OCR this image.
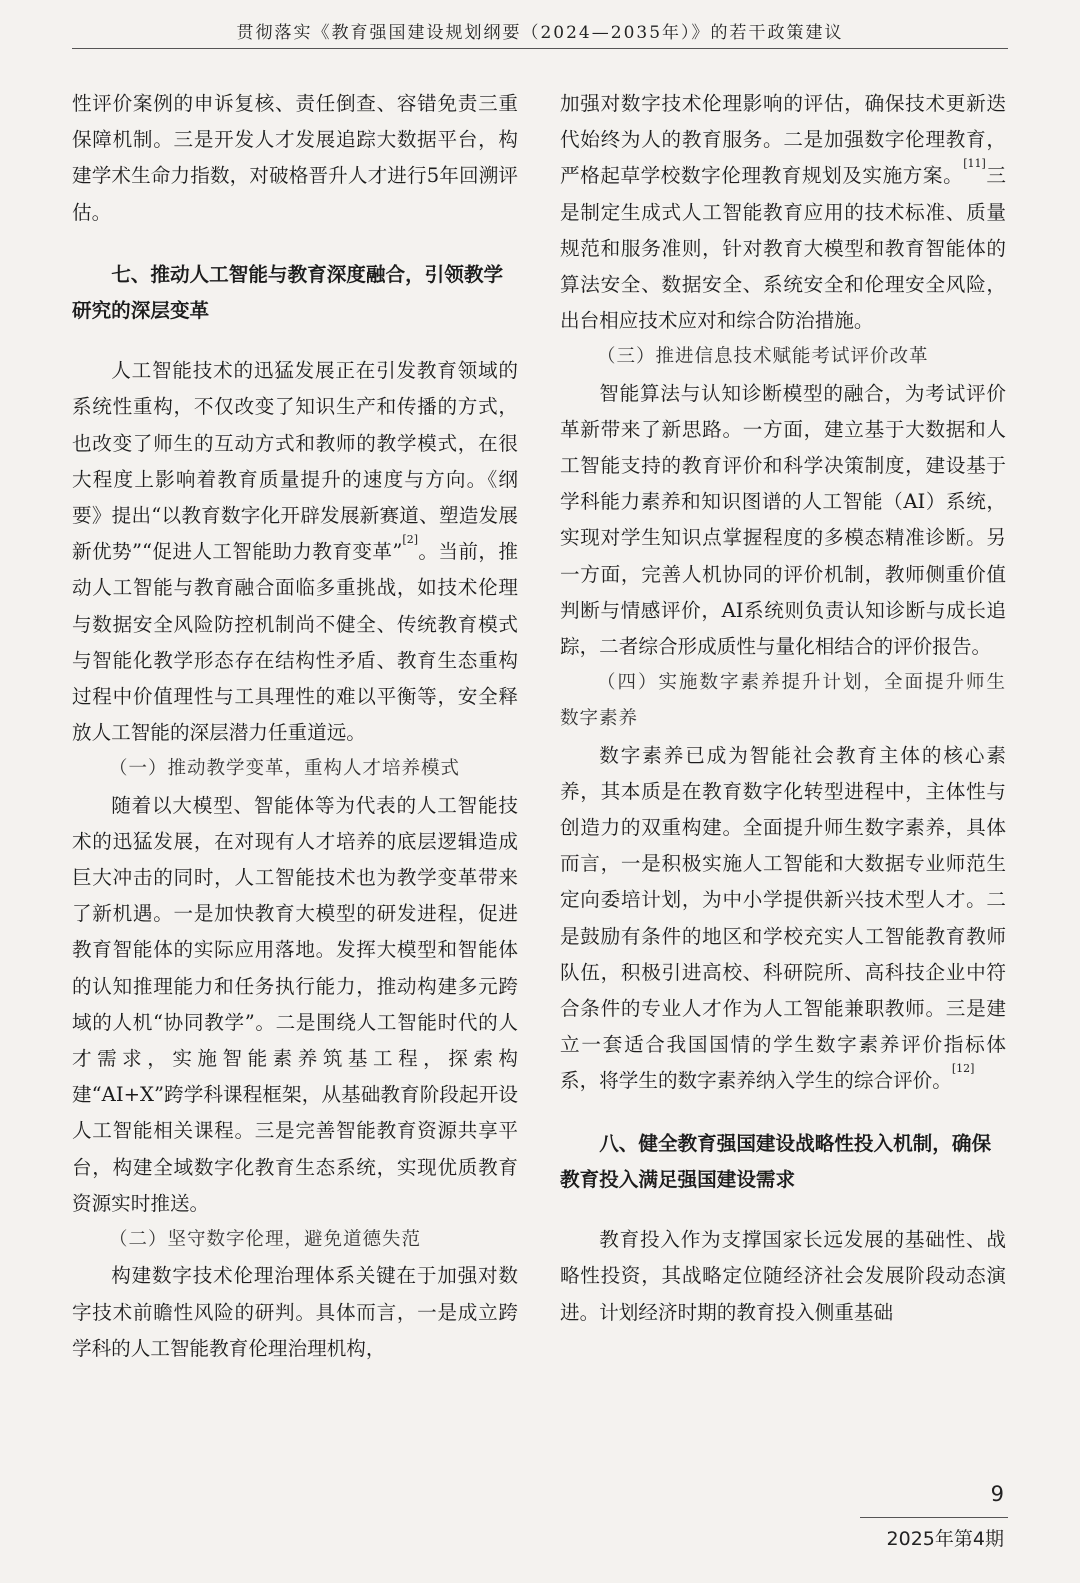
贯彻落实《教育强国建设规划纲要（2024—2035年）》的若干政策建议

性评价案例的申诉复核、责任倒查、容错免责三重保障机制。三是开发人才发展追踪大数据平台，构建学术生命力指数，对破格晋升人才进行5年回溯评估。

七、推动人工智能与教育深度融合，引领教学研究的深层变革

人工智能技术的迅猛发展正在引发教育领域的系统性重构，不仅改变了知识生产和传播的方式，也改变了师生的互动方式和教师的教学模式，在很大程度上影响着教育质量提升的速度与方向。《纲要》提出“以教育数字化开辟发展新赛道、塑造发展新优势”“促进人工智能助力教育变革”[2]。当前，推动人工智能与教育融合面临多重挑战，如技术伦理与数据安全风险防控机制尚不健全、传统教育模式与智能化教学形态存在结构性矛盾、教育生态重构过程中价值理性与工具理性的难以平衡等，安全释放人工智能的深层潜力任重道远。

（一）推动教学变革，重构人才培养模式

随着以大模型、智能体等为代表的人工智能技术的迅猛发展，在对现有人才培养的底层逻辑造成巨大冲击的同时，人工智能技术也为教学变革带来了新机遇。一是加快教育大模型的研发进程，促进教育智能体的实际应用落地。发挥大模型和智能体的认知推理能力和任务执行能力，推动构建多元跨域的人机“协同教学”。二是围绕人工智能时代的人才需求，实施智能素养筑基工程，探索构建“AI+X”跨学科课程框架，从基础教育阶段起开设人工智能相关课程。三是完善智能教育资源共享平台，构建全域数字化教育生态系统，实现优质教育资源实时推送。

（二）坚守数字伦理，避免道德失范

构建数字技术伦理治理体系关键在于加强对数字技术前瞻性风险的研判。具体而言，一是成立跨学科的人工智能教育伦理治理机构，

加强对数字技术伦理影响的评估，确保技术更新迭代始终为人的教育服务。二是加强数字伦理教育，严格起草学校数字伦理教育规划及实施方案。[11]三是制定生成式人工智能教育应用的技术标准、质量规范和服务准则，针对教育大模型和教育智能体的算法安全、数据安全、系统安全和伦理安全风险，出台相应技术应对和综合防治措施。

（三）推进信息技术赋能考试评价改革

智能算法与认知诊断模型的融合，为考试评价革新带来了新思路。一方面，建立基于大数据和人工智能支持的教育评价和科学决策制度，建设基于学科能力素养和知识图谱的人工智能（AI）系统，实现对学生知识点掌握程度的多模态精准诊断。另一方面，完善人机协同的评价机制，教师侧重价值判断与情感评价，AI系统则负责认知诊断与成长追踪，二者综合形成质性与量化相结合的评价报告。

（四）实施数字素养提升计划，全面提升师生数字素养

数字素养已成为智能社会教育主体的核心素养，其本质是在教育数字化转型进程中，主体性与创造力的双重构建。全面提升师生数字素养，具体而言，一是积极实施人工智能和大数据专业师范生定向委培计划，为中小学提供新兴技术型人才。二是鼓励有条件的地区和学校充实人工智能教育教师队伍，积极引进高校、科研院所、高科技企业中符合条件的专业人才作为人工智能兼职教师。三是建立一套适合我国国情的学生数字素养评价指标体系，将学生的数字素养纳入学生的综合评价。[12]

八、健全教育强国建设战略性投入机制，确保教育投入满足强国建设需求

教育投入作为支撑国家长远发展的基础性、战略性投资，其战略定位随经济社会发展阶段动态演进。计划经济时期的教育投入侧重基础

9
2025年第4期
